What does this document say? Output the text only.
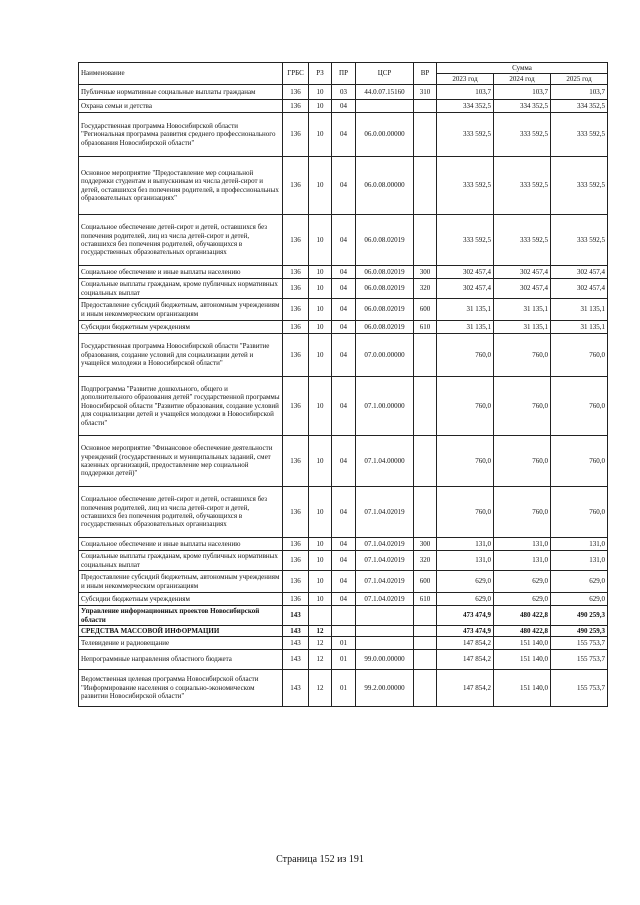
Наименование	ГРБС	РЗ	ПР	ЦСР	ВР	Сумма		
						2023 год	2024 год	2025 год
Публичные нормативные социальные выплаты гражданам	136	10	03	44.0.07.15160	310	103,7	103,7	103,7
Охрана семьи и детства	136	10	04			334 352,5	334 352,5	334 352,5
Государственная программа Новосибирской области "Региональная программа развития среднего профессионального образования Новосибирской области"	136	10	04	06.0.00.00000		333 592,5	333 592,5	333 592,5
Основное мероприятие "Предоставление мер социальной поддержки студентам и выпускникам из числа детей-сирот и детей, оставшихся без попечения родителей, в профессиональных образовательных организациях"	136	10	04	06.0.08.00000		333 592,5	333 592,5	333 592,5
Социальное обеспечение детей-сирот и детей, оставшихся без попечения родителей, лиц из числа детей-сирот и детей, оставшихся без попечения родителей, обучающихся в государственных образовательных организациях	136	10	04	06.0.08.02019		333 592,5	333 592,5	333 592,5
Социальное обеспечение и иные выплаты населению	136	10	04	06.0.08.02019	300	302 457,4	302 457,4	302 457,4
Социальные выплаты гражданам, кроме публичных нормативных социальных выплат	136	10	04	06.0.08.02019	320	302 457,4	302 457,4	302 457,4
Предоставление субсидий бюджетным, автономным учреждениям и иным некоммерческим организациям	136	10	04	06.0.08.02019	600	31 135,1	31 135,1	31 135,1
Субсидии бюджетным учреждениям	136	10	04	06.0.08.02019	610	31 135,1	31 135,1	31 135,1
Государственная программа Новосибирской области "Развитие образования, создание условий для социализации детей и учащейся молодежи в Новосибирской области"	136	10	04	07.0.00.00000		760,0	760,0	760,0
Подпрограмма "Развитие дошкольного, общего и дополнительного образования детей" государственной программы Новосибирской области "Развитие образования, создание условий для социализации детей и учащейся молодежи в Новосибирской области"	136	10	04	07.1.00.00000		760,0	760,0	760,0
Основное мероприятие "Финансовое обеспечение деятельности учреждений (государственных и муниципальных заданий, смет казенных организаций, предоставление мер социальной поддержки детей)"	136	10	04	07.1.04.00000		760,0	760,0	760,0
Социальное обеспечение детей-сирот и детей, оставшихся без попечения родителей, лиц из числа детей-сирот и детей, оставшихся без попечения родителей, обучающихся в государственных образовательных организациях	136	10	04	07.1.04.02019		760,0	760,0	760,0
Социальное обеспечение и иные выплаты населению	136	10	04	07.1.04.02019	300	131,0	131,0	131,0
Социальные выплаты гражданам, кроме публичных нормативных социальных выплат	136	10	04	07.1.04.02019	320	131,0	131,0	131,0
Предоставление субсидий бюджетным, автономным учреждениям и иным некоммерческим организациям	136	10	04	07.1.04.02019	600	629,0	629,0	629,0
Субсидии бюджетным учреждениям	136	10	04	07.1.04.02019	610	629,0	629,0	629,0
Управление информационных проектов Новосибирской области	143					473 474,9	480 422,8	490 259,3
СРЕДСТВА МАССОВОЙ ИНФОРМАЦИИ	143	12				473 474,9	480 422,8	490 259,3
Телевидение и радиовещание	143	12	01			147 854,2	151 140,0	155 753,7
Непрограммные направления областного бюджета	143	12	01	99.0.00.00000		147 854,2	151 140,0	155 753,7
Ведомственная целевая программа Новосибирской области "Информирование населения о социально-экономическом развитии Новосибирской области"	143	12	01	99.2.00.00000		147 854,2	151 140,0	155 753,7
Страница 152 из 191
